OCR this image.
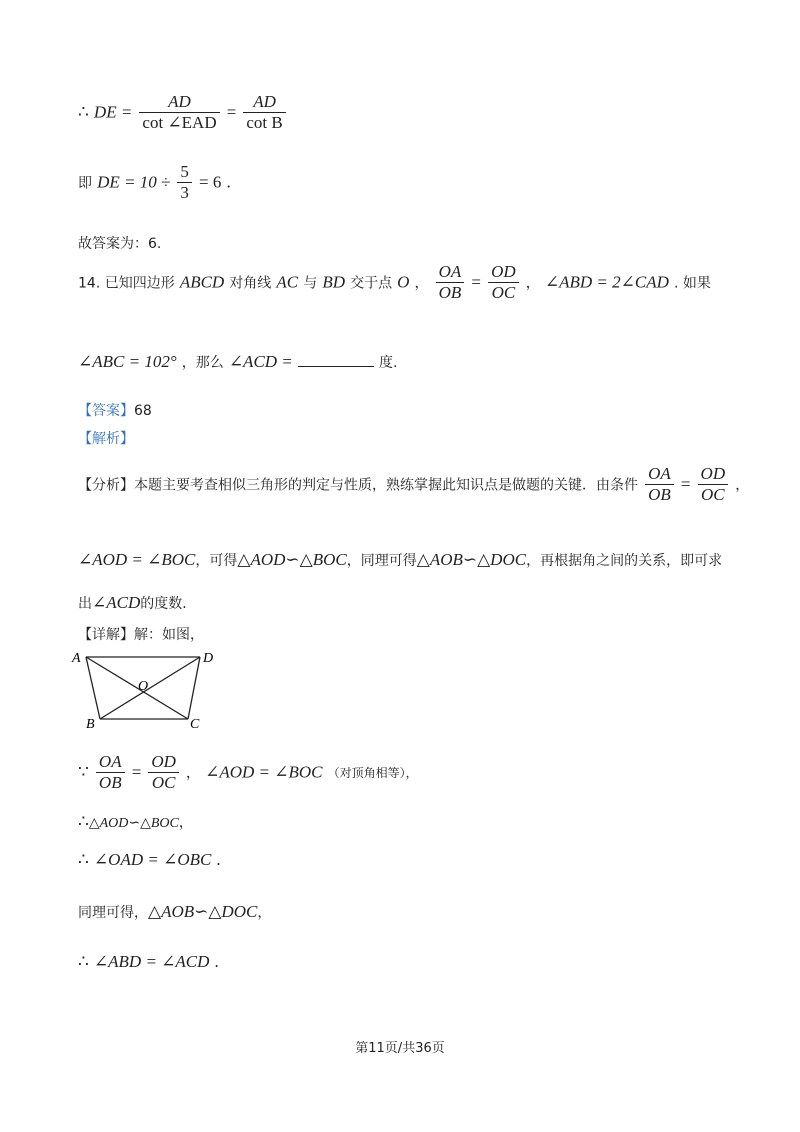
∴ DE = $\frac{AD}{\text{cot ∠EAD}} = \frac{AD}{\text{cot B}}$
即 DE = $10 \div \frac{5}{3} = 6$ .
故答案为：6.
14. 已知四边形 ABCD 对角线 AC 与 BD 交于点 O ， $\frac{OA}{OB} = \frac{OD}{OC}$ ， ∠ABD = 2∠CAD . 如果
∠ABC = 102° ，那么 ∠ACD =	度.
【答案】68
【解析】
【分析】本题主要考查相似三角形的判定与性质，熟练掌握此知识点是做题的关键．由条件 $\frac{OA}{OB} = \frac{OD}{OC}$ ，
∠AOD = ∠BOC，可得△AOD∽△BOC，同理可得△AOB∽△DOC，再根据角之间的关系，即可求
出∠ACD的度数．
【详解】解：如图，
A	D
O
B	C
∵ $\frac{OA}{OB} = \frac{OD}{OC}$ ， ∠AOD = ∠BOC （对顶角相等），
∴△AOD∽△BOC，
∴ ∠OAD = ∠OBC .
同理可得，△AOB∽△DOC，
∴ ∠ABD = ∠ACD .
第11页/共36页
